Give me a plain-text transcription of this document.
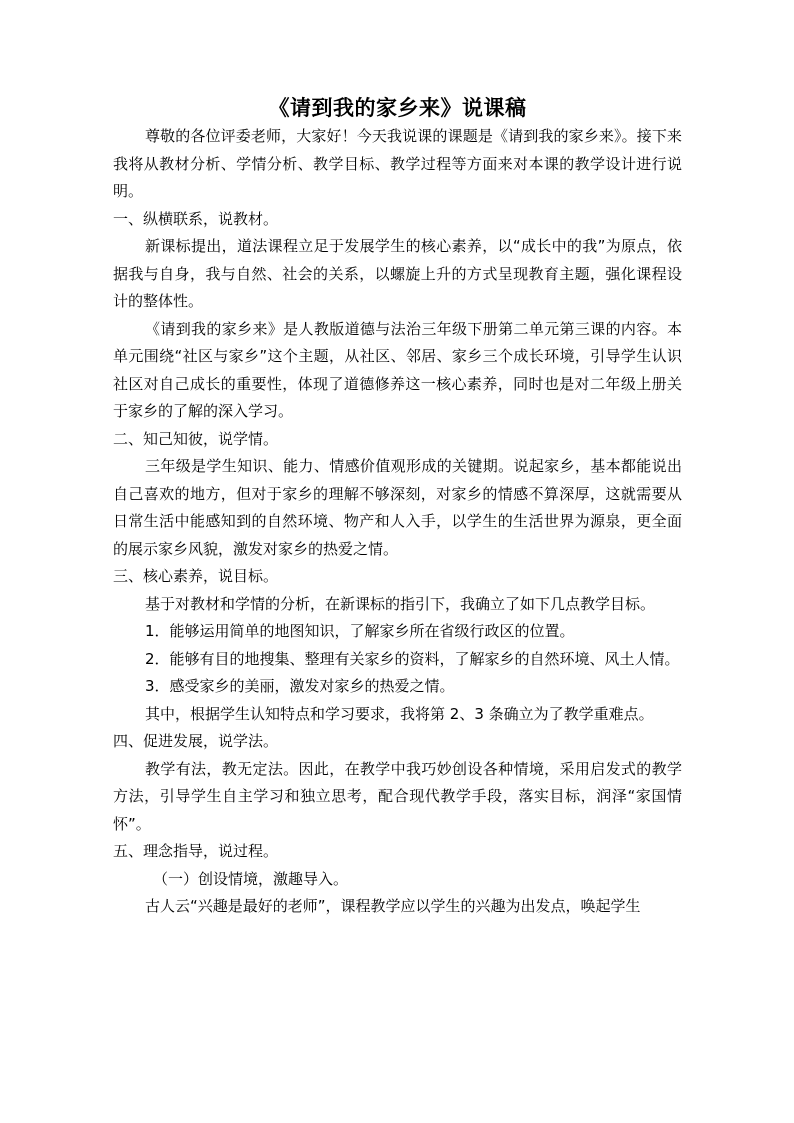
《请到我的家乡来》说课稿

尊敬的各位评委老师，大家好！今天我说课的课题是《请到我的家乡来》。接下来我将从教材分析、学情分析、教学目标、教学过程等方面来对本课的教学设计进行说明。

一、纵横联系，说教材。

新课标提出，道法课程立足于发展学生的核心素养，以“成长中的我”为原点，依据我与自身，我与自然、社会的关系，以螺旋上升的方式呈现教育主题，强化课程设计的整体性。

《请到我的家乡来》是人教版道德与法治三年级下册第二单元第三课的内容。本单元围绕“社区与家乡”这个主题，从社区、邻居、家乡三个成长环境，引导学生认识社区对自己成长的重要性，体现了道德修养这一核心素养，同时也是对二年级上册关于家乡的了解的深入学习。

二、知己知彼，说学情。

三年级是学生知识、能力、情感价值观形成的关键期。说起家乡，基本都能说出自己喜欢的地方，但对于家乡的理解不够深刻，对家乡的情感不算深厚，这就需要从日常生活中能感知到的自然环境、物产和人入手，以学生的生活世界为源泉，更全面的展示家乡风貌，激发对家乡的热爱之情。

三、核心素养，说目标。

基于对教材和学情的分析，在新课标的指引下，我确立了如下几点教学目标。

1．能够运用简单的地图知识，了解家乡所在省级行政区的位置。

2．能够有目的地搜集、整理有关家乡的资料，了解家乡的自然环境、风土人情。

3．感受家乡的美丽，激发对家乡的热爱之情。

其中，根据学生认知特点和学习要求，我将第 2、3 条确立为了教学重难点。

四、促进发展，说学法。

教学有法，教无定法。因此，在教学中我巧妙创设各种情境，采用启发式的教学方法，引导学生自主学习和独立思考，配合现代教学手段，落实目标，润泽“家国情怀”。

五、理念指导，说过程。

（一）创设情境，激趣导入。

古人云“兴趣是最好的老师”，课程教学应以学生的兴趣为出发点，唤起学生
